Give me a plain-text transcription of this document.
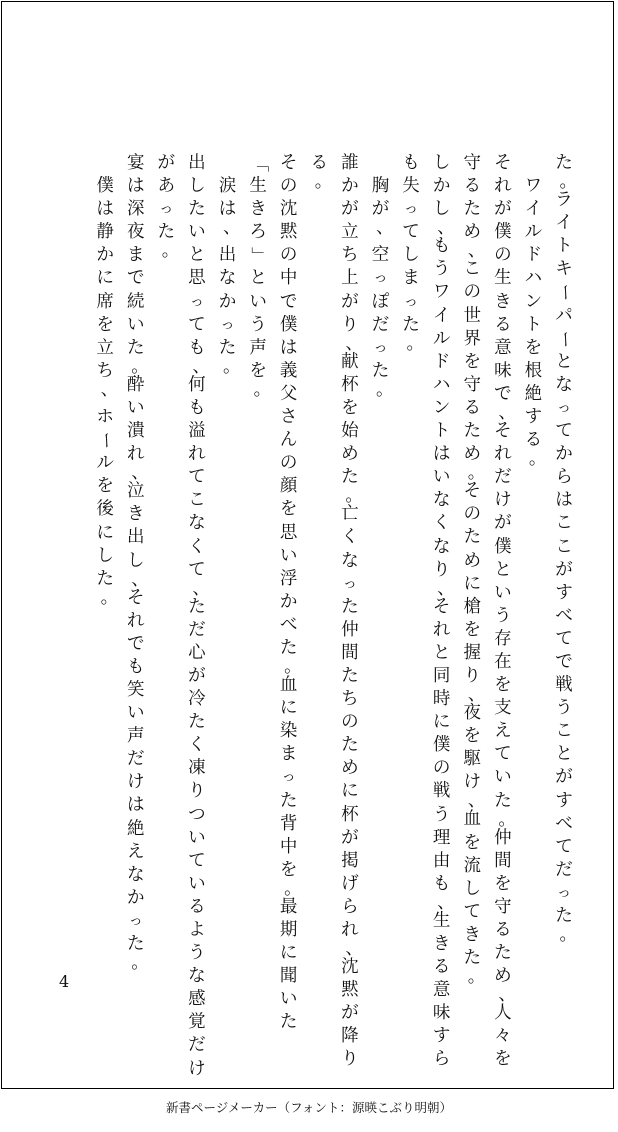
た
。
ラ
イ
ト
キ
ー
パ
ー
と
な
っ
て
か
ら
は
こ
こ
が
す
べ
て
で
戦
う
こ
と
が
す
べ
て
だ
っ
た
。
ワ
イ
ル
ド
ハ
ン
ト
を
根
絶
す
る
。
そ
れ
が
僕
の
生
き
る
意
味
で
、
そ
れ
だ
け
が
僕
と
い
う
存
在
を
支
え
て
い
た
。
仲
間
を
守
る
た
め
、
人
々
を
守
る
た
め
、
こ
の
世
界
を
守
る
た
め
。
そ
の
た
め
に
槍
を
握
り
、
夜
を
駆
け
、
血
を
流
し
て
き
た
。
し
か
し
、
も
う
ワ
イ
ル
ド
ハ
ン
ト
は
い
な
く
な
り
、
そ
れ
と
同
時
に
僕
の
戦
う
理
由
も
、
生
き
る
意
味
す
ら
も
失
っ
て
し
ま
っ
た
。
胸
が
、
空
っ
ぽ
だ
っ
た
。
誰
か
が
立
ち
上
が
り
、
献
杯
を
始
め
た
。
亡
く
な
っ
た
仲
間
た
ち
の
た
め
に
杯
が
掲
げ
ら
れ
、
沈
黙
が
降
り
る
。
そ
の
沈
黙
の
中
で
僕
は
義
父
さ
ん
の
顔
を
思
い
浮
か
べ
た
。
血
に
染
ま
っ
た
背
中
を
。
最
期
に
聞
い
た
「
生
き
ろ
」
と
い
う
声
を
。
涙
は
、
出
な
か
っ
た
。
出
し
た
い
と
思
っ
て
も
、
何
も
溢
れ
て
こ
な
く
て
、
た
だ
心
が
冷
た
く
凍
り
つ
い
て
い
る
よ
う
な
感
覚
だ
け
が
あ
っ
た
。
宴
は
深
夜
ま
で
続
い
た
。
酔
い
潰
れ
、
泣
き
出
し
、
そ
れ
で
も
笑
い
声
だ
け
は
絶
え
な
か
っ
た
。
僕
は
静
か
に
席
を
立
ち
、
ホ
ー
ル
を
後
に
し
た
。
4
新書ページメーカー（フォント：源暎こぶり明朝）
